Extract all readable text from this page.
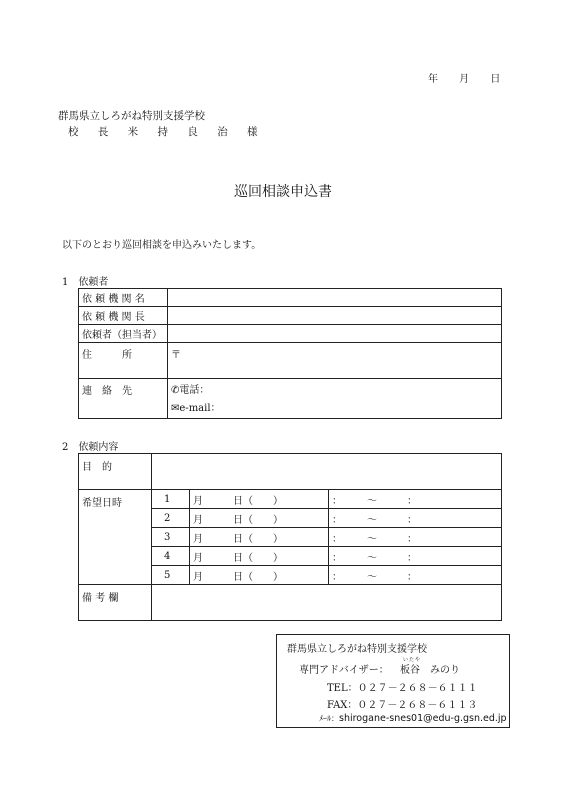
年 月 日
群馬県立しろがね特別支援学校
校 長 米 持 良 治 様
巡回相談申込書
以下のとおり巡回相談を申込みいたします。
1　依頼者
依 頼 機 関 名	
依 頼 機 関 長	
依頼者（担当者）	
住　　　所	〒
連　絡　先	✆電話：
✉e-mail：
2　依頼内容
目　的			
希望日時	1	月　　　日（　　）	：　　　〜　　　：
	2	月　　　日（　　）	：　　　〜　　　：
	3	月　　　日（　　）	：　　　〜　　　：
	4	月　　　日（　　）	：　　　〜　　　：
	5	月　　　日（　　）	：　　　〜　　　：
備 考 欄			
群馬県立しろがね特別支援学校
専門アドバイザー：
いたや
板谷　みのり
TEL：０２７－２６８－６１１１
FAX：０２７－２６８－６１１３
ﾒｰﾙ：shirogane-snes01@edu-g.gsn.ed.jp
